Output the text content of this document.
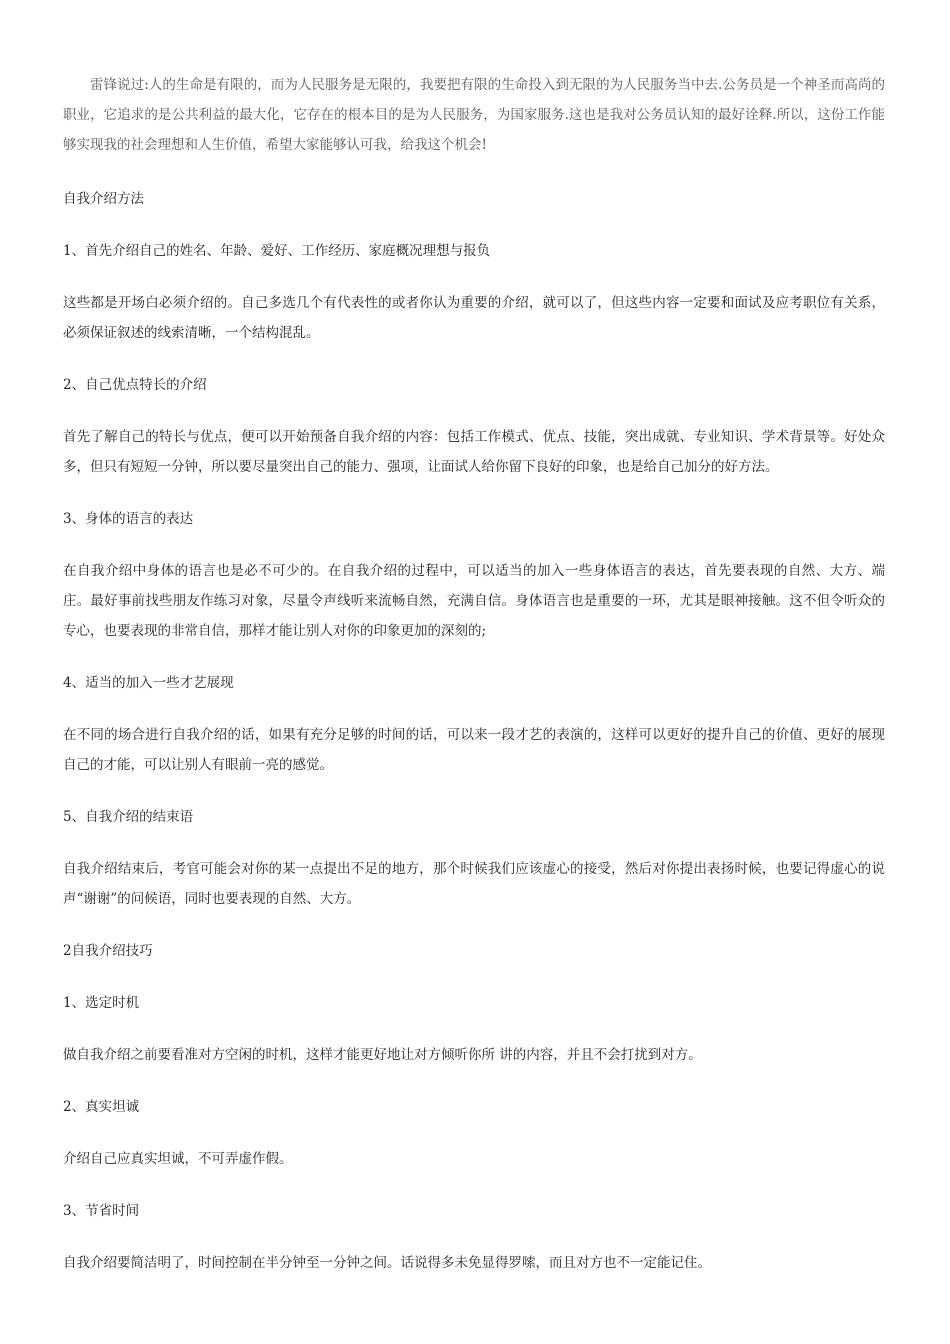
雷锋说过:人的生命是有限的，而为人民服务是无限的，我要把有限的生命投入到无限的为人民服务当中去.公务员是一个神圣而高尚的职业，它追求的是公共利益的最大化，它存在的根本目的是为人民服务，为国家服务.这也是我对公务员认知的最好诠释.所以，这份工作能够实现我的社会理想和人生价值，希望大家能够认可我，给我这个机会!

自我介绍方法

1、首先介绍自己的姓名、年龄、爱好、工作经历、家庭概况理想与报负

这些都是开场白必须介绍的。自己多选几个有代表性的或者你认为重要的介绍，就可以了，但这些内容一定要和面试及应考职位有关系，必须保证叙述的线索清晰，一个结构混乱。

2、自己优点特长的介绍

首先了解自己的特长与优点，便可以开始预备自我介绍的内容：包括工作模式、优点、技能，突出成就、专业知识、学术背景等。好处众多，但只有短短一分钟，所以要尽量突出自己的能力、强项，让面试人给你留下良好的印象，也是给自己加分的好方法。

3、身体的语言的表达

在自我介绍中身体的语言也是必不可少的。在自我介绍的过程中，可以适当的加入一些身体语言的表达，首先要表现的自然、大方、端庄。最好事前找些朋友作练习对象，尽量令声线听来流畅自然，充满自信。身体语言也是重要的一环，尤其是眼神接触。这不但令听众的专心，也要表现的非常自信，那样才能让别人对你的印象更加的深刻的;

4、适当的加入一些才艺展现

在不同的场合进行自我介绍的话，如果有充分足够的时间的话，可以来一段才艺的表演的，这样可以更好的提升自己的价值、更好的展现自己的才能，可以让别人有眼前一亮的感觉。

5、自我介绍的结束语

自我介绍结束后，考官可能会对你的某一点提出不足的地方，那个时候我们应该虚心的接受，然后对你提出表扬时候，也要记得虚心的说声“谢谢”的问候语，同时也要表现的自然、大方。

2自我介绍技巧

1、选定时机

做自我介绍之前要看准对方空闲的时机，这样才能更好地让对方倾听你所 讲的内容，并且不会打扰到对方。

2、真实坦诚

介绍自己应真实坦诚，不可弄虚作假。

3、节省时间

自我介绍要简洁明了，时间控制在半分钟至一分钟之间。话说得多未免显得罗嗦，而且对方也不一定能记住。
